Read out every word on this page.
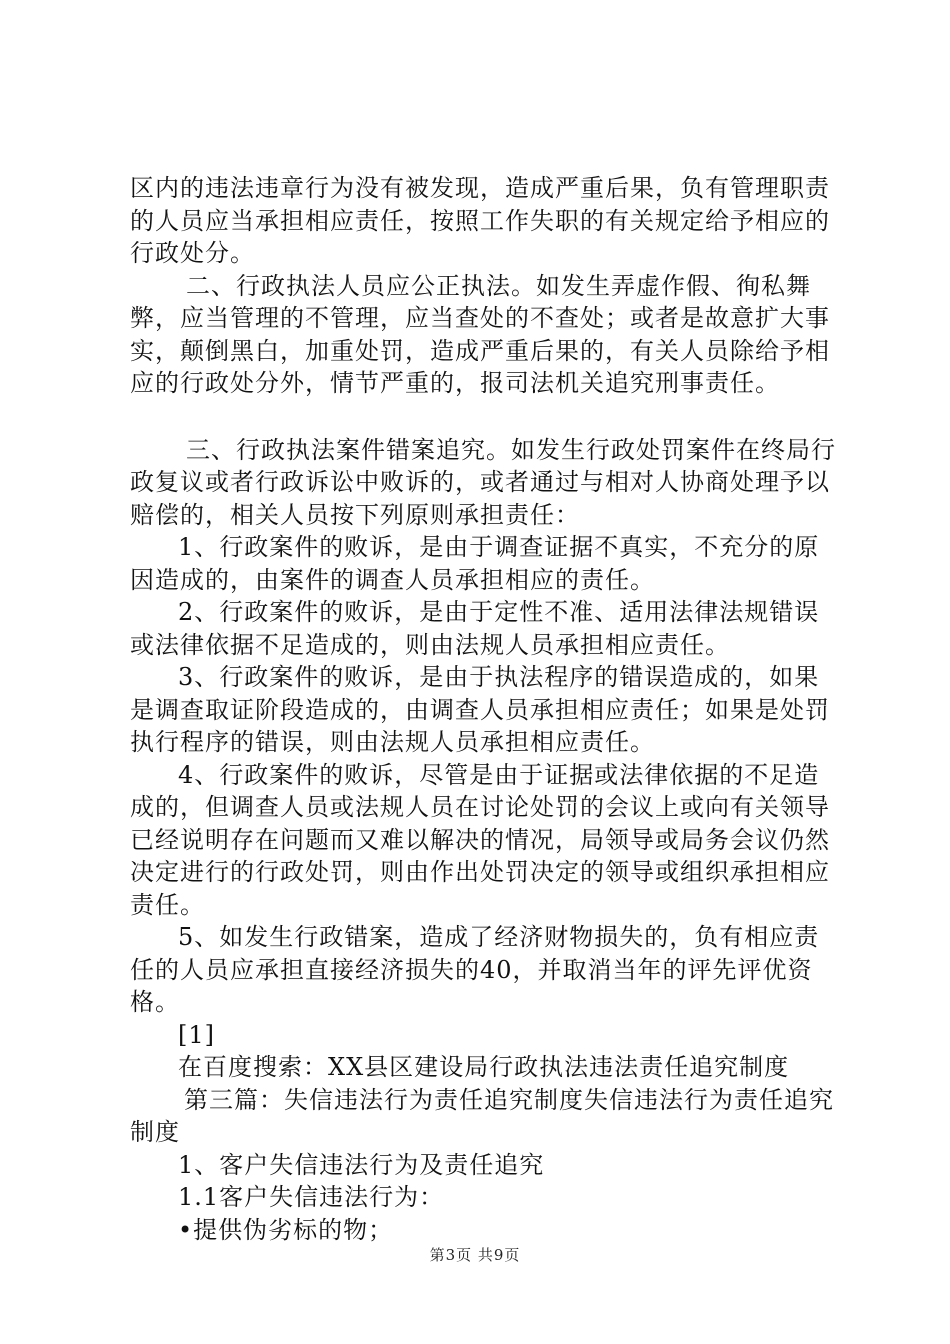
区内的违法违章行为没有被发现，造成严重后果，负有管理职责的人员应当承担相应责任，按照工作失职的有关规定给予相应的行政处分。

二、行政执法人员应公正执法。如发生弄虚作假、徇私舞弊，应当管理的不管理，应当查处的不查处；或者是故意扩大事实，颠倒黑白，加重处罚，造成严重后果的，有关人员除给予相应的行政处分外，情节严重的，报司法机关追究刑事责任。

三、行政执法案件错案追究。如发生行政处罚案件在终局行政复议或者行政诉讼中败诉的，或者通过与相对人协商处理予以赔偿的，相关人员按下列原则承担责任：

1、行政案件的败诉，是由于调查证据不真实，不充分的原因造成的，由案件的调查人员承担相应的责任。

2、行政案件的败诉，是由于定性不准、适用法律法规错误或法律依据不足造成的，则由法规人员承担相应责任。

3、行政案件的败诉，是由于执法程序的错误造成的，如果是调查取证阶段造成的，由调查人员承担相应责任；如果是处罚执行程序的错误，则由法规人员承担相应责任。

4、行政案件的败诉，尽管是由于证据或法律依据的不足造成的，但调查人员或法规人员在讨论处罚的会议上或向有关领导已经说明存在问题而又难以解决的情况，局领导或局务会议仍然决定进行的行政处罚，则由作出处罚决定的领导或组织承担相应责任。

5、如发生行政错案，造成了经济财物损失的，负有相应责任的人员应承担直接经济损失的40，并取消当年的评先评优资格。

[1]

在百度搜索：XX县区建设局行政执法违法责任追究制度

第三篇：失信违法行为责任追究制度失信违法行为责任追究制度

1、客户失信违法行为及责任追究

1.1客户失信违法行为：

•提供伪劣标的物；

第3页 共9页
